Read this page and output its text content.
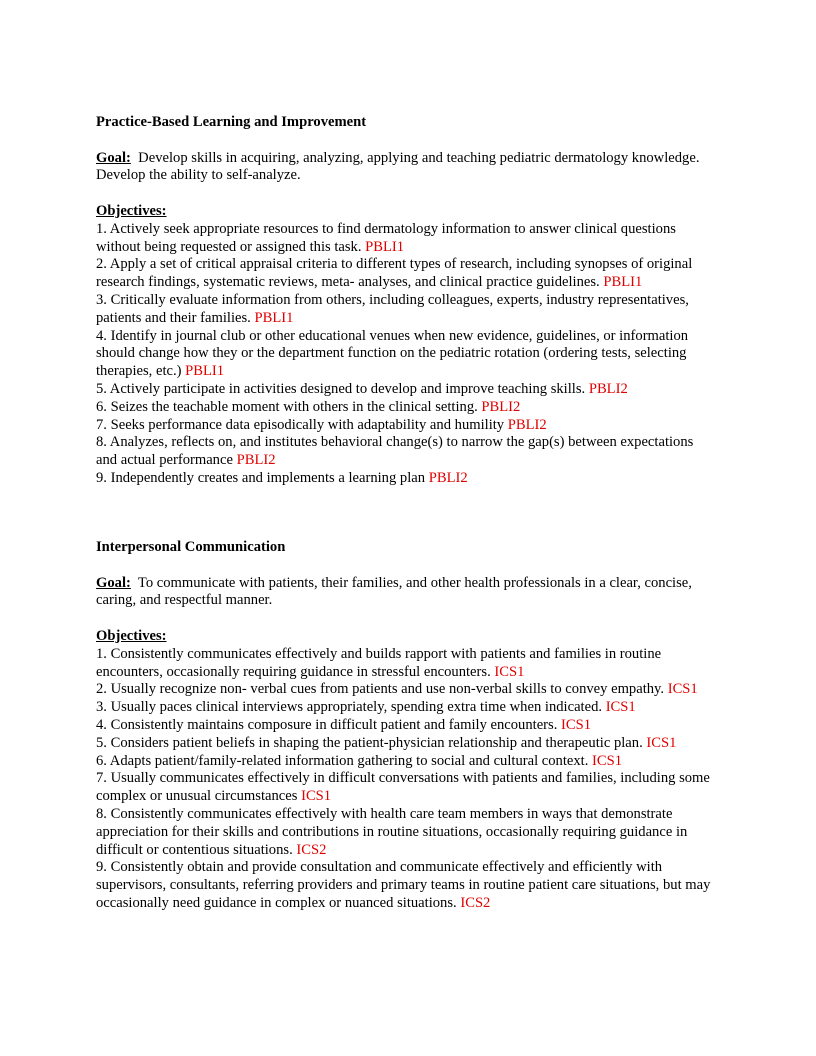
Practice-Based Learning and Improvement

Goal: Develop skills in acquiring, analyzing, applying and teaching pediatric dermatology knowledge. Develop the ability to self-analyze.
Objectives:
1. Actively seek appropriate resources to find dermatology information to answer clinical questions without being requested or assigned this task. PBLI1
2. Apply a set of critical appraisal criteria to different types of research, including synopses of original research findings, systematic reviews, meta- analyses, and clinical practice guidelines. PBLI1
3. Critically evaluate information from others, including colleagues, experts, industry representatives, patients and their families. PBLI1
4. Identify in journal club or other educational venues when new evidence, guidelines, or information should change how they or the department function on the pediatric rotation (ordering tests, selecting therapies, etc.) PBLI1
5. Actively participate in activities designed to develop and improve teaching skills. PBLI2
6. Seizes the teachable moment with others in the clinical setting. PBLI2
7. Seeks performance data episodically with adaptability and humility PBLI2
8. Analyzes, reflects on, and institutes behavioral change(s) to narrow the gap(s) between expectations and actual performance PBLI2
9. Independently creates and implements a learning plan PBLI2

Interpersonal Communication

Goal: To communicate with patients, their families, and other health professionals in a clear, concise, caring, and respectful manner.
Objectives:
1. Consistently communicates effectively and builds rapport with patients and families in routine encounters, occasionally requiring guidance in stressful encounters. ICS1
2. Usually recognize non- verbal cues from patients and use non-verbal skills to convey empathy. ICS1
3. Usually paces clinical interviews appropriately, spending extra time when indicated. ICS1
4. Consistently maintains composure in difficult patient and family encounters. ICS1
5. Considers patient beliefs in shaping the patient-physician relationship and therapeutic plan. ICS1
6. Adapts patient/family-related information gathering to social and cultural context. ICS1
7. Usually communicates effectively in difficult conversations with patients and families, including some complex or unusual circumstances ICS1
8. Consistently communicates effectively with health care team members in ways that demonstrate appreciation for their skills and contributions in routine situations, occasionally requiring guidance in difficult or contentious situations. ICS2
9. Consistently obtain and provide consultation and communicate effectively and efficiently with supervisors, consultants, referring providers and primary teams in routine patient care situations, but may occasionally need guidance in complex or nuanced situations. ICS2
